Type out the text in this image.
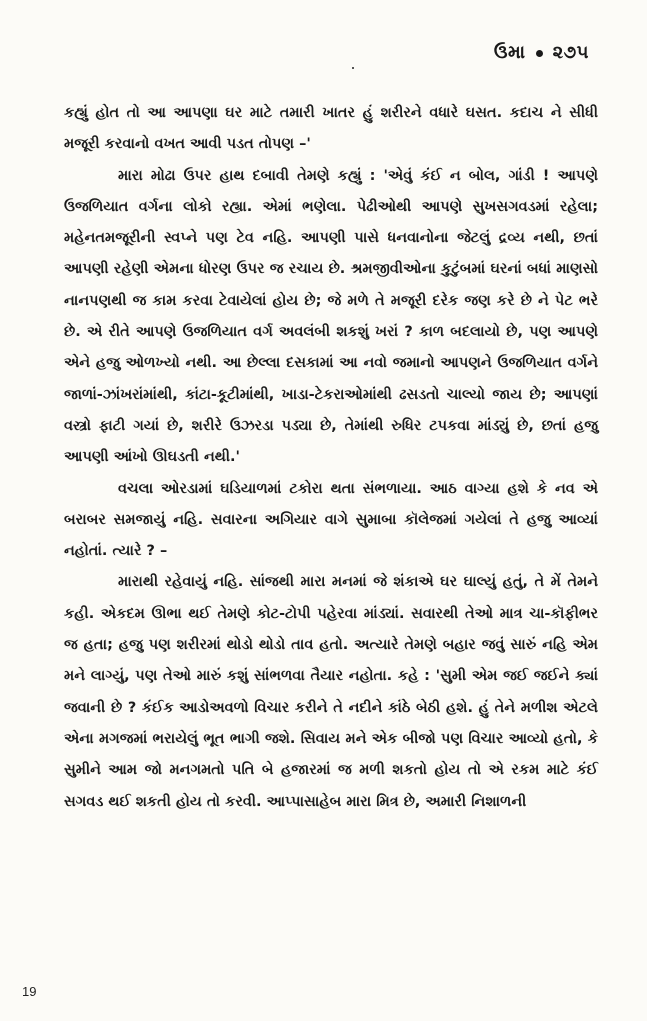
ઉમા ૨૭૫

કહ્યું હોત તો આ આપણા ઘર માટે તમારી ખાતર હું શરીરને વધારે ઘસત. કદાચ ને સીધી મજૂરી કરવાનો વખત આવી પડત તોપણ –'

મારા મોઢા ઉપર હાથ દબાવી તેમણે કહ્યું : 'એવું કંઈ ન બોલ, ગાંડી ! આપણે ઉજળિયાત વર્ગના લોકો રહ્યા. એમાં ભણેલા. પેઢીઓથી આપણે સુખસગવડમાં રહેલા; મહેનતમજૂરીની સ્વપ્ને પણ ટેવ નહિ. આપણી પાસે ધનવાનોના જેટલું દ્રવ્ય નથી, છતાં આપણી રહેણી એમના ધોરણ ઉપર જ રચાય છે. શ્રમજીવીઓના કુટુંબમાં ઘરનાં બધાં માણસો નાનપણથી જ કામ કરવા ટેવાયેલાં હોય છે; જે મળે તે મજૂરી દરેક જણ કરે છે ને પેટ ભરે છે. એ રીતે આપણે ઉજળિયાત વર્ગ અવલંબી શકશું ખરાં ? કાળ બદલાયો છે, પણ આપણે એને હજુ ઓળખ્યો નથી. આ છેલ્લા દસકામાં આ નવો જમાનો આપણને ઉજળિયાત વર્ગને જાળાં-ઝાંખરાંમાંથી, કાંટા-કૂટીમાંથી, ખાડા-ટેકરાઓમાંથી ઢસડતો ચાલ્યો જાય છે; આપણાં વસ્ત્રો ફાટી ગયાં છે, શરીરે ઉઝરડા પડ્યા છે, તેમાંથી રુધિર ટપકવા માંડ્યું છે, છતાં હજુ આપણી આંખો ઊઘડતી નથી.'

વચલા ઓરડામાં ઘડિયાળમાં ટકોરા થતા સંભળાયા. આઠ વાગ્યા હશે કે નવ એ બરાબર સમજાયું નહિ. સવારના અગિયાર વાગે સુમાબા કૉલેજમાં ગયેલાં તે હજુ આવ્યાં નહોતાં. ત્યારે ? –

મારાથી રહેવાયું નહિ. સાંજથી મારા મનમાં જે શંકાએ ઘર ઘાલ્યું હતું, તે મેં તેમને કહી. એકદમ ઊભા થઈ તેમણે કોટ-ટોપી પહેરવા માંડ્યાં. સવારથી તેઓ માત્ર ચા-કૉફીભર જ હતા; હજુ પણ શરીરમાં થોડો થોડો તાવ હતો. અત્યારે તેમણે બહાર જવું સારું નહિ એમ મને લાગ્યું, પણ તેઓ મારું કશું સાંભળવા તૈયાર નહોતા. કહે : 'સુમી એમ જઈ જઈને ક્યાં જવાની છે ? કંઈક આડોઅવળો વિચાર કરીને તે નદીને કાંઠે બેઠી હશે. હું તેને મળીશ એટલે એના મગજમાં ભરાયેલું ભૂત ભાગી જશે. સિવાય મને એક બીજો પણ વિચાર આવ્યો હતો, કે સુમીને આમ જો મનગમતો પતિ બે હજારમાં જ મળી શકતો હોય તો એ રકમ માટે કંઈ સગવડ થઈ શકતી હોય તો કરવી. આપ્પાસાહેબ મારા મિત્ર છે, અમારી નિશાળની

19
